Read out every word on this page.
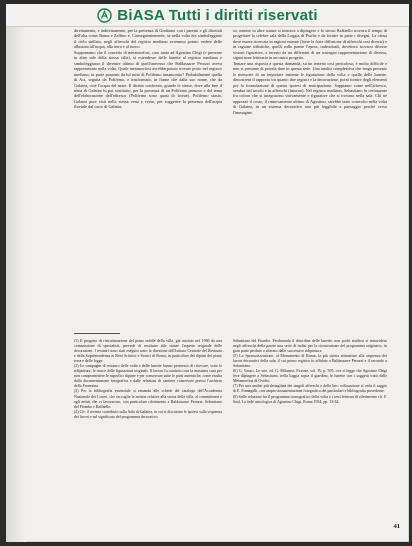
BiASA Tutti i diritti riservati
direttamente, e indirettamente, per la presenza di Giulianoi con i parenti e gli dirottali dell'alta come Roma e Zelfino e. Conseguentemente, se nella volta era simboleggiato il cielo stellato, negli affreschi del registro mediano avremmo potuto vedere delle allusioni all'acqua, alla terra e al fuoco.
Supponiamo che il concetto di metamorfosi, caro tanto ad Agostino Chigi (e presente in altre sale della stessa villa), si estendesse dalle lunette al registro mediano e simboleggiasse il divenire ultimo di quell'universo che Baldassarre Peruzzi aveva rappresentato nella volta. Quale metamorfosi avrebbe potuto trovare posto nel registro mediano, in parte possenti da lui mito di Polifemo innamorato? Probabilmente quella di Aci, seguita da Polifemo, e trasformato, in fiume che dalla suo nome, che da Galatea, cioè l'acqua del mare. Il diretto confronto, grande le stesse, dove alla fine il tema di Galatea fu poi sostituito, per la presenza di un Polifemo pensoso e del tema dell'elaborazione dell'affresco (Polifemo sono quasi di fronte). Polifemo stasio, Galatea pure visti nella stessa vena e verso, per suggerire la presenza dell'acqua fluviale dal carro di Galatea.
so, mentre in altre stanze si iniziava a dipingere e lo stesso Raffaello trovava il tempo di progettare la celebre sala della Loggia di Psiche e da fornire in parte i disegni. La causa deve essere ricercata in ragioni esterne (forse la forte diffusione di affreschi così diversi) e in ragione stilistiche, quelli sulla parete l'opera, individuali, dovettero trovarsi diverse visioni figurative, a incerto da un differenti di un sostegno rappresentazione di diversa, signorisme letteraria in un unico progetto.
Tentare una risposta a questa domanda, su un terreno così pericoloso, è molto difficile e non si presume di poterla dare in questa sede. Una analisi complessiva che tenga presente le memorie di un terpretare insieme le figurazioni della volta e quelle delle lunette, dimostrerà il rapporto tra quanto due registri e la decorazione, potrà fornire degli elementi per la formulazione di queste ipotesi di anticipazione. Sappiamo come nell'affresco, sembra nel secolo e in affreschi (intorno). Nel registro mediano, Sebastiano fu certamente fra coloro che si integrarono visivamente e figurative che si trovano nella sala. Chi ne apprezzò il costo, il rinnovamento ultimo di Agostino, sarebbe stato coinvolto nella volta di Galatea, in un sistema decorativo non più leggibile a paesaggio perché verso l'immagine.
(1) Il progetto di ristrutturazione del piano nobile della villa, già iniziato nel 1969 da una commissione di specialisti, prevede di restituire alle stanze l'aspetto originale delle decorazioni. I restauri sono stati eseguiti sotto la direzione dell'Istituto Centrale del Restauro e della Soprintendenza ai Beni Artistici e Storici di Roma, in particolare dei dipinti del piano terra e delle logge.
(2) Le campagne di restauro delle volte e delle lunette hanno permesso di ritrovare, sotto le ridipinture, le tracce delle figurazioni originali. Il lavoro fu condotto con la massima cura per non compromettere le superfici dipinte e per conservare tutte le parti autentiche, come risulta dalla documentazione fotografica e dalle relazioni di cantiere conservate presso l'archivio della Farnesina.
(3) Per la bibliografia essenziale si rimanda alle schede del catalogo dell'Accademia Nazionale dei Lincei, che raccoglie le notizie relative alla storia della villa, al committente e agli artisti che vi lavorarono, con particolare riferimento a Baldassarre Peruzzi, Sebastiano del Piombo e Raffaello.
(4) Cfr. il recente contributo sulla Sala di Galatea, in cui si discutono le ipotesi sulla sequenza dei lavori e sul significato del programma decorativo.
Sebastiano del Piombo. Perdurando il disordine delle lunette, non pochi studiosi si intravidero negli affreschi della parete una serie di indizi per la ricostruzione del programma originario, in gran parte perduto o alterato dalle successive ridipinture.
(5) Lo Sponsorizzazione, al Monumento di Roma, la più stretta attenzione alla sequenza dei lavori decorativi della sala, il cui primo registro fu affidato a Baldassarre Peruzzi e il secondo a Sebastiano.
(6) G. Vasari, Le vite, ed. G. Milanesi, Firenze, vol. IV, p. 595, ove si legge che Agostino Chigi fece dipingere a Sebastiano, nella loggia sopra il giardino, le lunette con i soggetti tratti dalle Metamorfosi di Ovidio.
(7) Per una analisi più dettagliata dei singoli affreschi e della loro collocazione si veda il saggio di E. Fumagalli, con ampia documentazione fotografica dei particolari e bibliografia precedente.
(8) Sulle relazioni fra il programma iconografico della volta e i testi letterari di riferimento cfr. F. Saxl, La fede astrologica di Agostino Chigi, Roma 1934, pp. 13-34.
41
